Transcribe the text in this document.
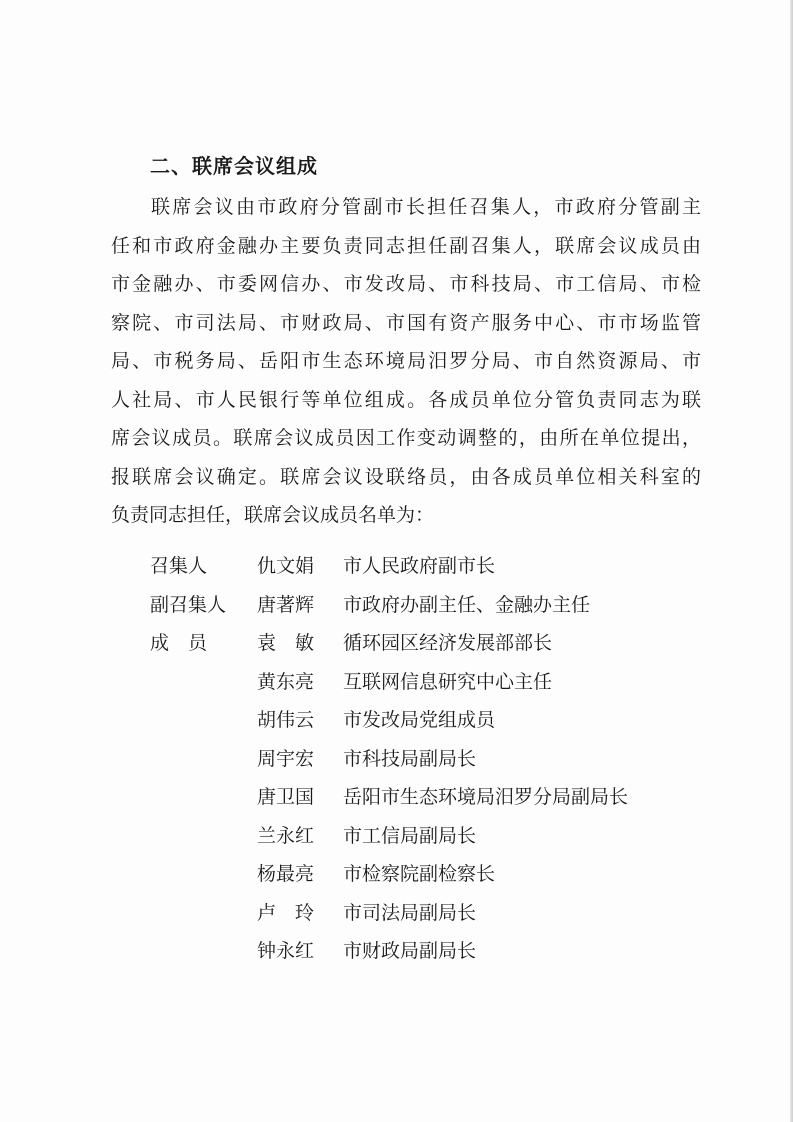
二、联席会议组成
联席会议由市政府分管副市长担任召集人，市政府分管副主
任和市政府金融办主要负责同志担任副召集人，联席会议成员由
市金融办、市委网信办、市发改局、市科技局、市工信局、市检
察院、市司法局、市财政局、市国有资产服务中心、市市场监管
局、市税务局、岳阳市生态环境局汨罗分局、市自然资源局、市
人社局、市人民银行等单位组成。各成员单位分管负责同志为联
席会议成员。联席会议成员因工作变动调整的，由所在单位提出，
报联席会议确定。联席会议设联络员，由各成员单位相关科室的
负责同志担任，联席会议成员名单为：
召集人	仇文娟	市人民政府副市长
副召集人	唐著辉	市政府办副主任、金融办主任
成员	袁敏 循环园区经济发展部部长
黄东亮	互联网信息研究中心主任
胡伟云	市发改局党组成员
周宇宏	市科技局副局长
唐卫国	岳阳市生态环境局汨罗分局副局长
兰永红	市工信局副局长
杨最亮	市检察院副检察长
卢玲 市司法局副局长
钟永红	市财政局副局长
